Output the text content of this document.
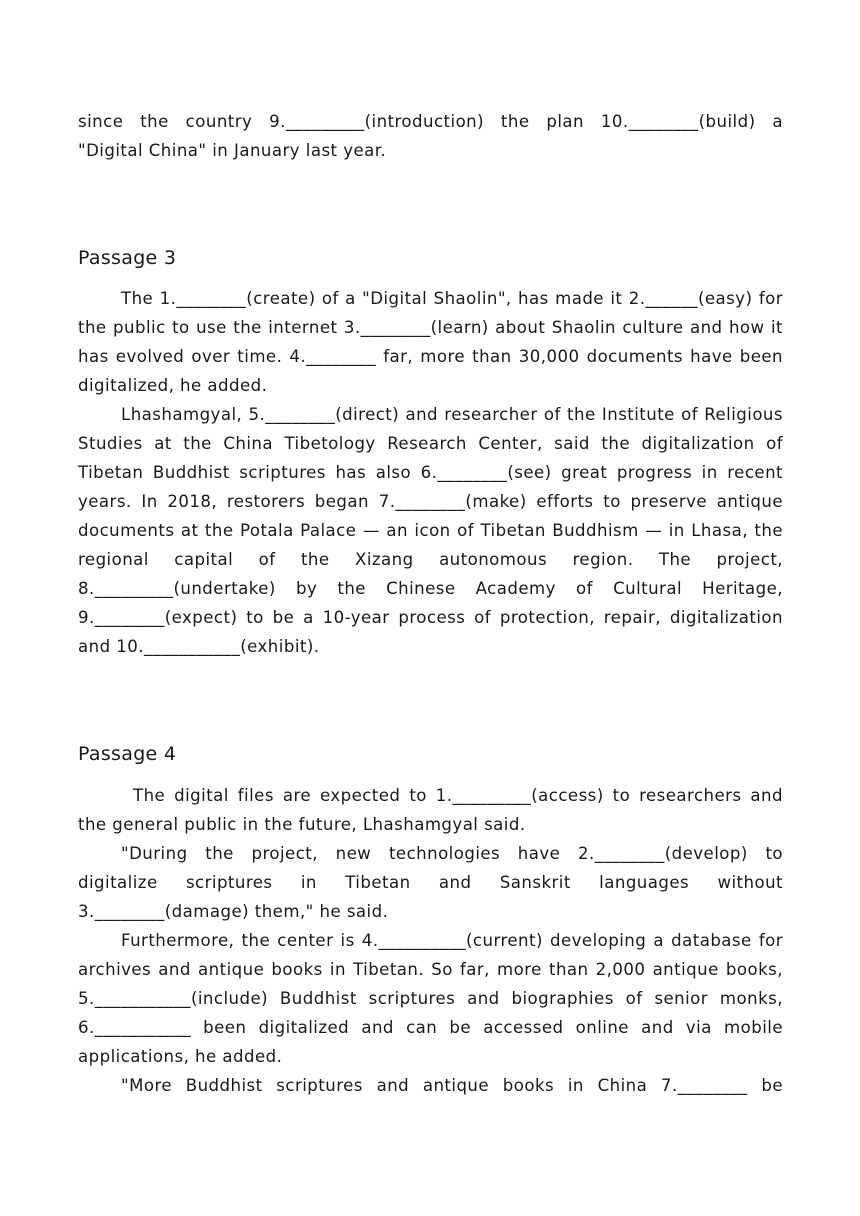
since the country 9._________(introduction) the plan 10.________(build) a

"Digital China" in January last year.

Passage 3

The 1.________(create) of a "Digital Shaolin", has made it 2.______(easy) for the public to use the internet 3.________(learn) about Shaolin culture and how it has evolved over time. 4.________ far, more than 30,000 documents have been digitalized, he added.

Lhashamgyal, 5.________(direct) and researcher of the Institute of Religious Studies at the China Tibetology Research Center, said the digitalization of Tibetan Buddhist scriptures has also 6.________(see) great progress in recent years. In 2018, restorers began 7.________(make) efforts to preserve antique documents at the Potala Palace — an icon of Tibetan Buddhism — in Lhasa, the regional capital of the Xizang autonomous region. The project, 8._________(undertake) by the Chinese Academy of Cultural Heritage, 9.________(expect) to be a 10-year process of protection, repair, digitalization and 10.___________(exhibit).

Passage 4

The digital files are expected to 1._________(access) to researchers and the general public in the future, Lhashamgyal said.

"During the project, new technologies have 2.________(develop) to digitalize scriptures in Tibetan and Sanskrit languages without 3.________(damage) them," he said.

Furthermore, the center is 4.__________(current) developing a database for archives and antique books in Tibetan. So far, more than 2,000 antique books, 5.___________(include) Buddhist scriptures and biographies of senior monks, 6.___________ been digitalized and can be accessed online and via mobile applications, he added.

"More Buddhist scriptures and antique books in China 7.________ be
